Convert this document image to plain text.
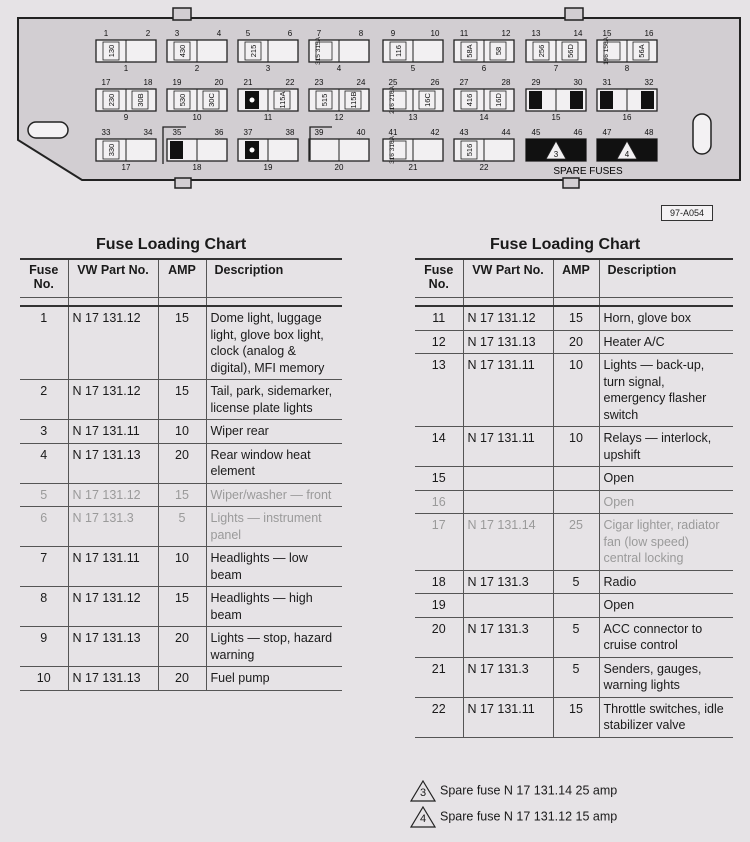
1	2
1
130
3	4
2
430
5	6
3
215
7	8
4
315 315A
9	10
5
116
11	12
6
58A	58
13	14
7
256	56D
15	16
8
156 156A	56A
17	18
9
230	30B
19	20
10
530	30C
21	22
11
115A
23	24
12
515	115B
25	26
13
216 216A	16C
27	28
14
416	16D
29	30
15
31	32
16
33	34
17
330
35	36
18
37	38
19
39	40
20
41	42
21
316 316A
43	44
22
516
45	46	47	48
3	4
SPARE FUSES
97-A054
Fuse Loading Chart
Fuse No.	VW Part No.	AMP	Description

1	N 17 131.12	15	Dome light, luggage light, glove box light, clock (analog & digital), MFI memory
2	N 17 131.12	15	Tail, park, sidemarker, license plate lights
3	N 17 131.11	10	Wiper rear
4	N 17 131.13	20	Rear window heat element
5	N 17 131.12	15	Wiper/washer — front
6	N 17 131.3	5	Lights — instrument panel
7	N 17 131.11	10	Headlights — low beam
8	N 17 131.12	15	Headlights — high beam
9	N 17 131.13	20	Lights — stop, hazard warning
10	N 17 131.13	20	Fuel pump
Fuse Loading Chart
Fuse No.	VW Part No.	AMP	Description

11	N 17 131.12	15	Horn, glove box
12	N 17 131.13	20	Heater A/C
13	N 17 131.11	10	Lights — back-up, turn signal, emergency flasher switch
14	N 17 131.11	10	Relays — interlock, upshift
15			Open
16			Open
17	N 17 131.14	25	Cigar lighter, radiator fan (low speed) central locking
18	N 17 131.3	5	Radio
19			Open
20	N 17 131.3	5	ACC connector to cruise control
21	N 17 131.3	5	Senders, gauges, warning lights
22	N 17 131.11	15	Throttle switches, idle stabilizer valve
3	Spare fuse N 17 131.14 25 amp
4	Spare fuse N 17 131.12 15 amp
